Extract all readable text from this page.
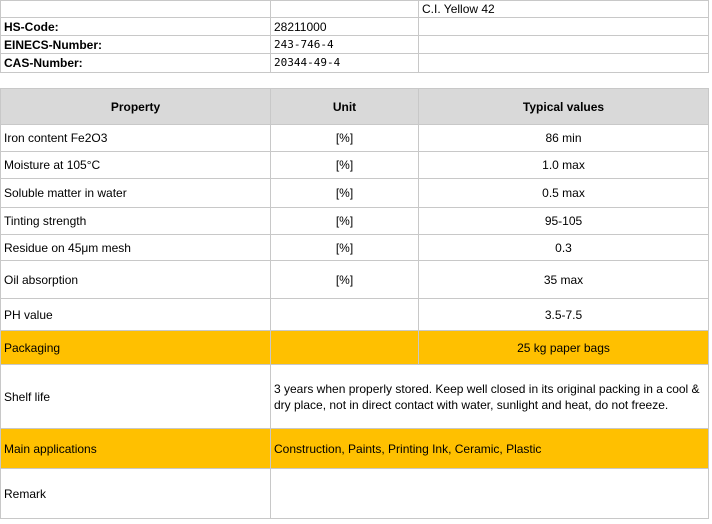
		C.I. Yellow 42
HS-Code:	28211000	
EINECS-Number:	243-746-4	
CAS-Number:	20344-49-4	

Property	Unit	Typical values
Iron content Fe2O3	[%]	86 min
Moisture at 105°C	[%]	1.0 max
Soluble matter in water	[%]	0.5 max
Tinting strength	[%]	95-105
Residue on 45μm mesh	[%]	0.3
Oil absorption	[%]	35 max
PH value		3.5-7.5
Packaging		25 kg paper bags
Shelf life	3 years when properly stored. Keep well closed in its original packing in a cool & dry place, not in direct contact with water, sunlight and heat, do not freeze.	
Main applications	Construction, Paints, Printing Ink, Ceramic, Plastic	
Remark		
